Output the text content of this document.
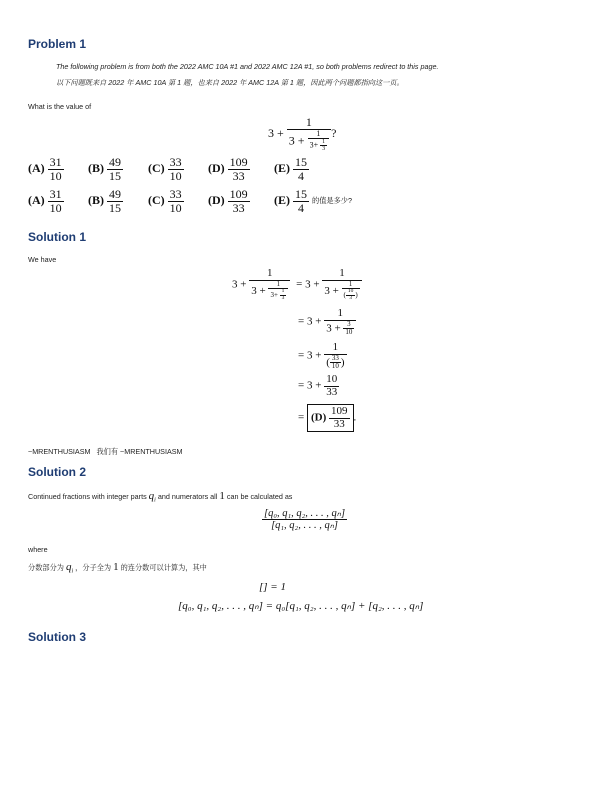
Problem 1
The following problem is from both the 2022 AMC 10A #1 and 2022 AMC 12A #1, so both problems redirect to this page.
以下问题既来自 2022 年 AMC 10A 第 1 题，也来自 2022 年 AMC 12A 第 1 题，因此两个问题都指向这一页。
What is the value of
$3 + \frac{1}{3 + \frac{1}{3+ \frac{1}{3}}}$ ?
$(A) \frac{31}{10} (B) \frac{49}{15} (C) \frac{33}{10} (D) \frac{109}{33} (E) \frac{15}{4}$
$(A) \frac{31}{10} (B) \frac{49}{15} (C) \frac{33}{10} (D) \frac{109}{33} (E) \frac{15}{4}$ 的值是多少?
Solution 1
We have
$3 + \frac{1}{3 + \frac{1}{3+ \frac{1}{3}}} = 3 + \frac{1}{3 + \frac{1}{( \frac{10}{3} )}}$
= $3 + \frac{1}{3 + \frac{3}{10}}$
= $3 + \frac{1}{( \frac{33}{10} )}$
= $3 + \frac{10}{33}$
= $(D) \frac{109}{33}$ .
~MRENTHUSIASM   我们有 ~MRENTHUSIASM
Solution 2
Continued fractions with integer parts $q_i$ and numerators all 1 can be calculated as
$\frac{\text{[q₀, q₁, q₂, . . . , qₙ]}}{\text{[q₁, q₂, . . . , qₙ]}}$
where
分数部分为 $q_i$ ，分子全为 1 的连分数可以计算为，其中
[] = 1
[q₀, q₁, q₂, . . . , qₙ] = q₀[q₁, q₂, . . . , qₙ] + [q₂, . . . , qₙ]
Solution 3
